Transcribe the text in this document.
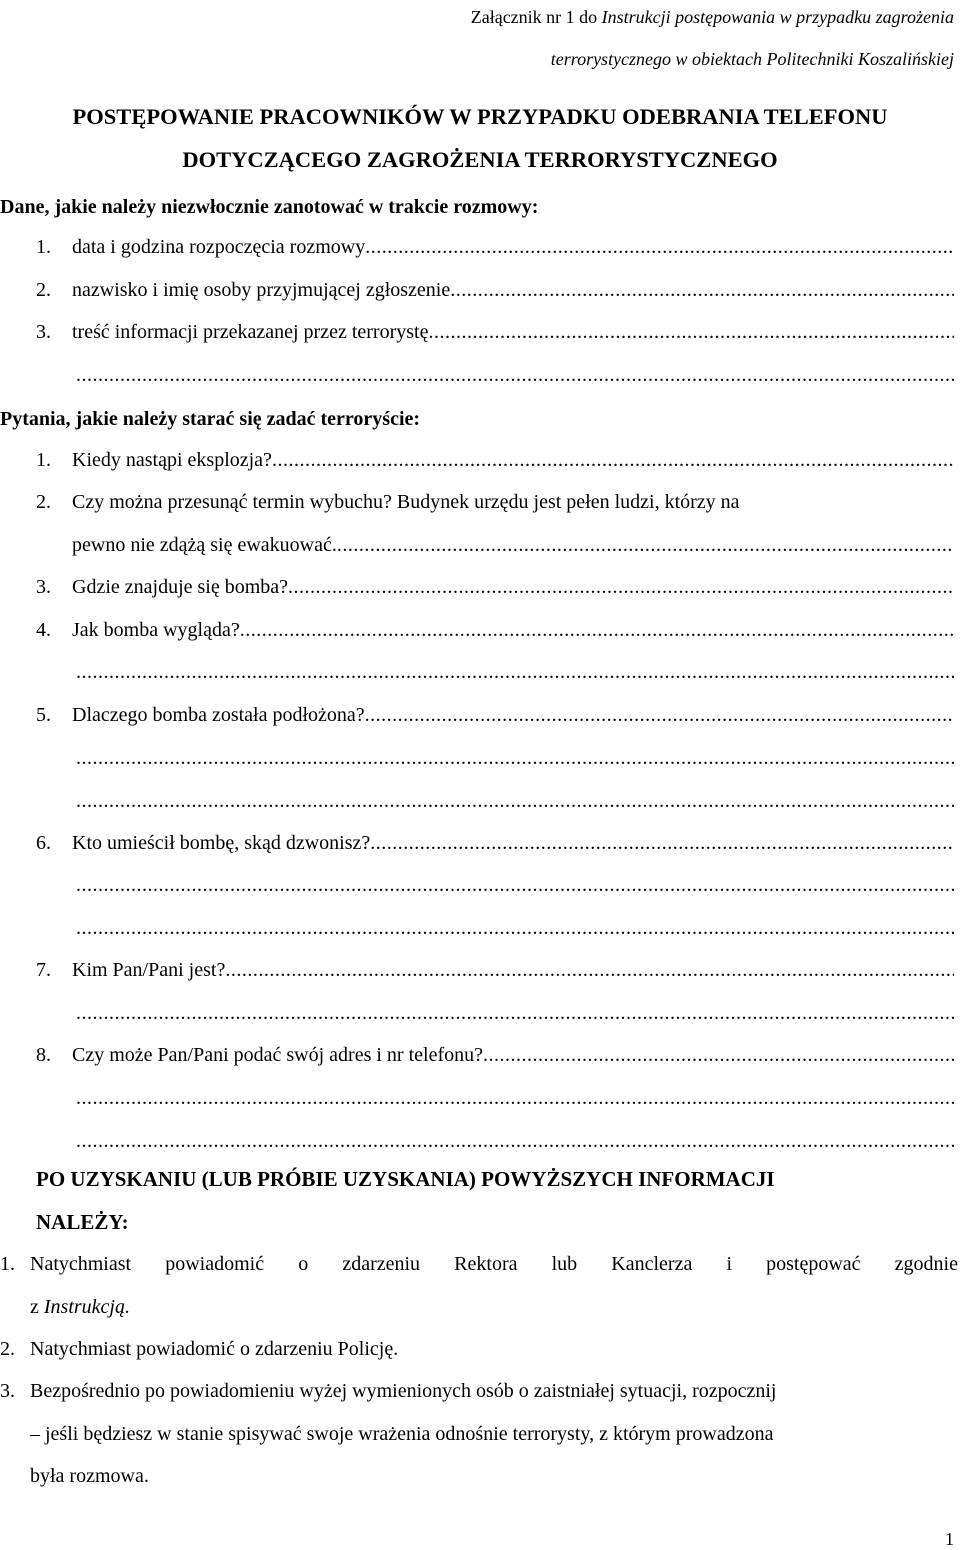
Załącznik nr 1 do Instrukcji postępowania w przypadku zagrożenia
terrorystycznego w obiektach Politechniki Koszalińskiej
POSTĘPOWANIE PRACOWNIKÓW W PRZYPADKU ODEBRANIA TELEFONU
DOTYCZĄCEGO ZAGROŻENIA TERRORYSTYCZNEGO
Dane, jakie należy niezwłocznie zanotować w trakcie rozmowy:
1.	data i godzina rozpoczęcia rozmowy
.....
2.	nazwisko i imię osoby przyjmującej zgłoszenie
.....
3.	treść informacji przekazanej przez terrorystę
.....
.....
Pytania, jakie należy starać się zadać terroryście:
1.	Kiedy nastąpi eksplozja?
.....
2. Czy można przesunąć termin wybuchu? Budynek urzędu jest pełen ludzi, którzy na
pewno nie zdążą się ewakuować.
.....
3.	Gdzie znajduje się bomba?
.....
4.	Jak bomba wygląda?
.....
.....
5.	Dlaczego bomba została podłożona?
.....
.....
.....
6.	Kto umieścił bombę, skąd dzwonisz?
.....
.....
.....
7.	Kim Pan/Pani jest?
.....
.....
8.	Czy może Pan/Pani podać swój adres i nr telefonu?
.....
.....
.....
PO UZYSKANIU (LUB PRÓBIE UZYSKANIA) POWYŻSZYCH INFORMACJI
NALEŻY:
1. Natychmiast powiadomić o zdarzeniu Rektora lub Kanclerza i postępować zgodnie
z Instrukcją.
2. Natychmiast powiadomić o zdarzeniu Policję.
3. Bezpośrednio po powiadomieniu wyżej wymienionych osób o zaistniałej sytuacji, rozpocznij
– jeśli będziesz w stanie spisywać swoje wrażenia odnośnie terrorysty, z którym prowadzona
była rozmowa.
1
